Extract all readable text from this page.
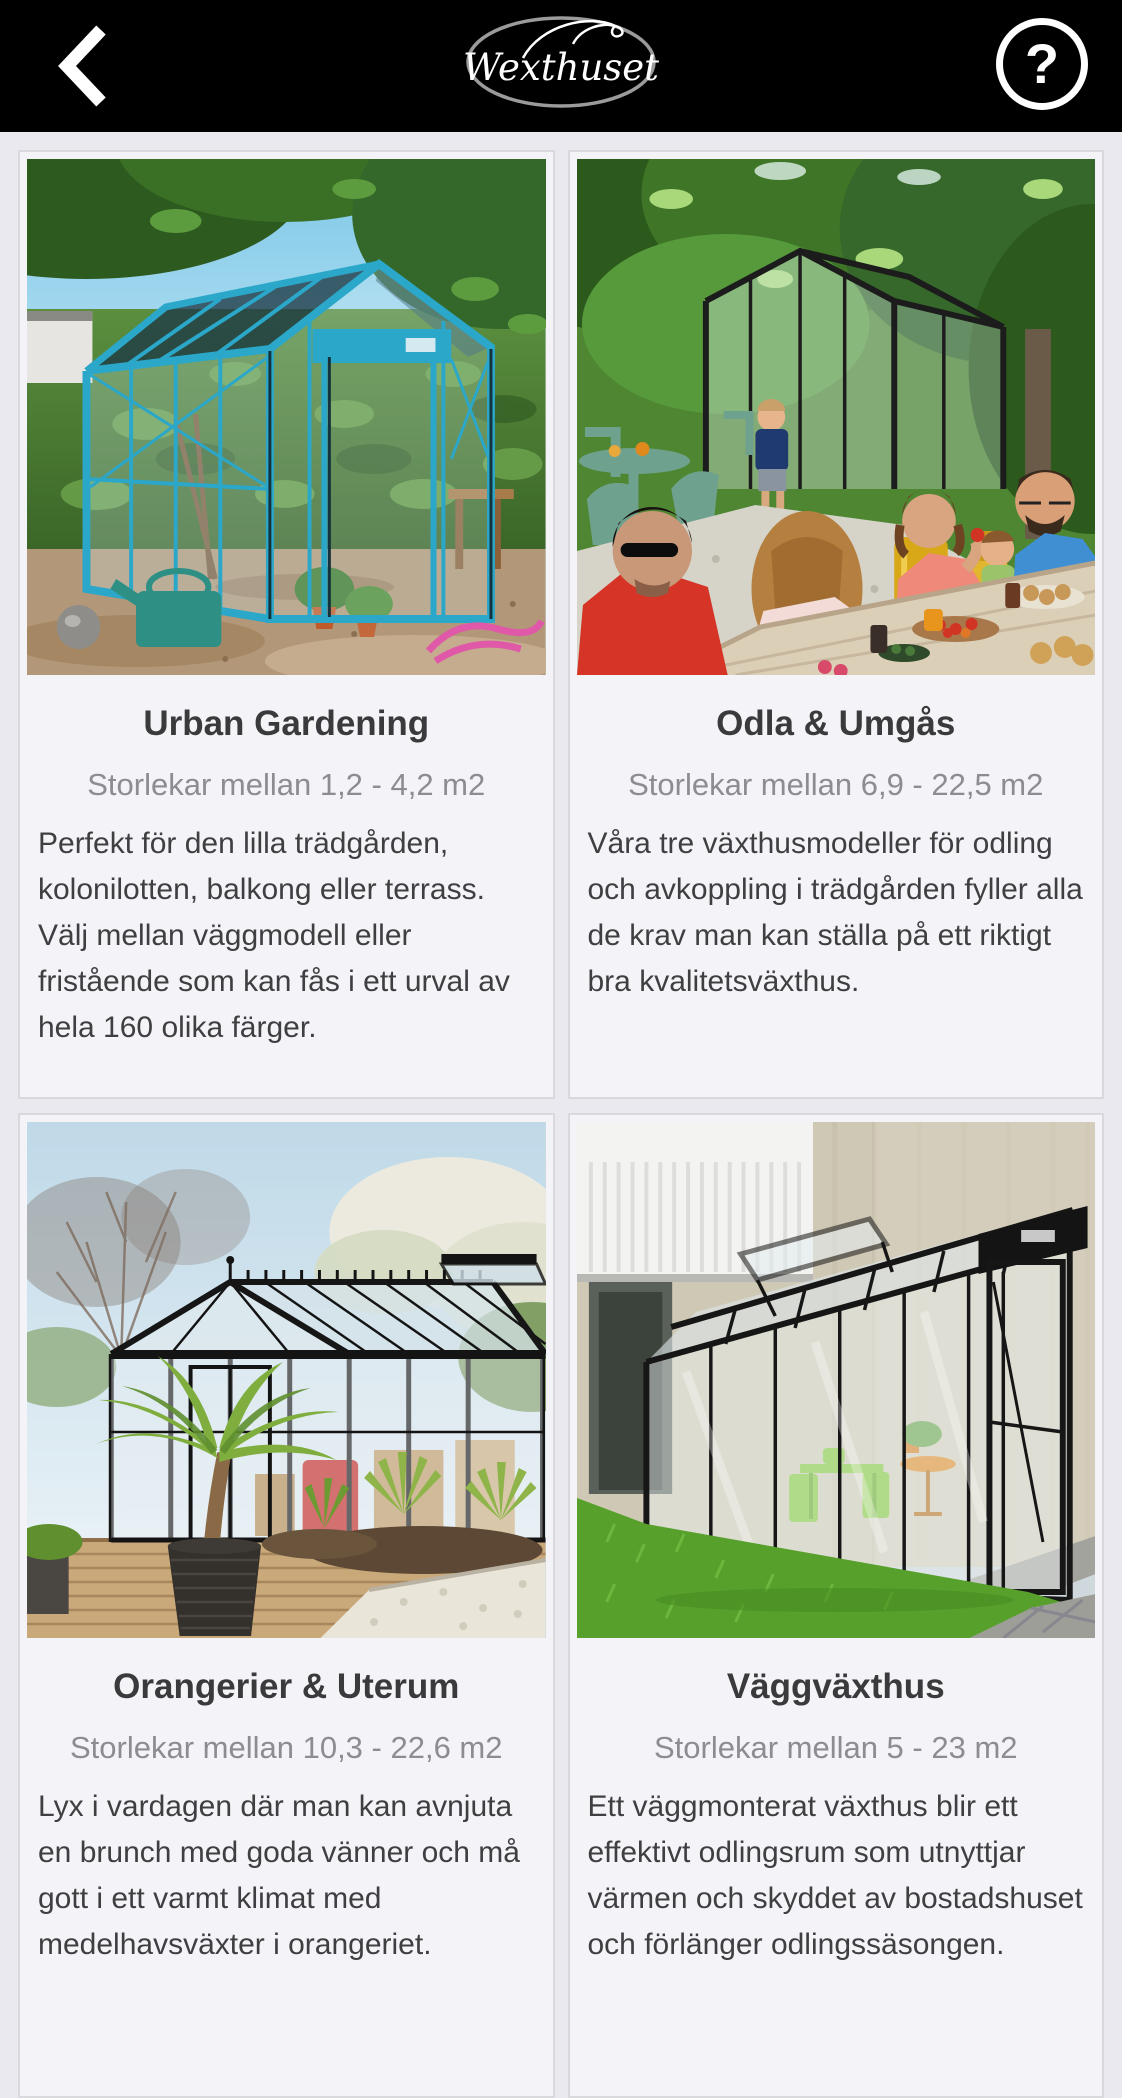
Wexthuset	?
Urban Gardening

Storlekar mellan 1,2 - 4,2 m2

Perfekt för den lilla trädgården, kolonilotten, balkong eller terrass. Välj mellan väggmodell eller fristående som kan fås i ett urval av hela 160 olika färger.

Odla & Umgås

Storlekar mellan 6,9 - 22,5 m2

Våra tre växthusmodeller för odling och avkoppling i trädgården fyller alla de krav man kan ställa på ett riktigt bra kvalitetsväxthus.

Orangerier & Uterum

Storlekar mellan 10,3 - 22,6 m2

Lyx i vardagen där man kan avnjuta en brunch med goda vänner och må gott i ett varmt klimat med medelhavsväxter i orangeriet.

Väggväxthus

Storlekar mellan 5 - 23 m2

Ett väggmonterat växthus blir ett effektivt odlingsrum som utnyttjar värmen och skyddet av bostadshuset och förlänger odlingssäsongen.
